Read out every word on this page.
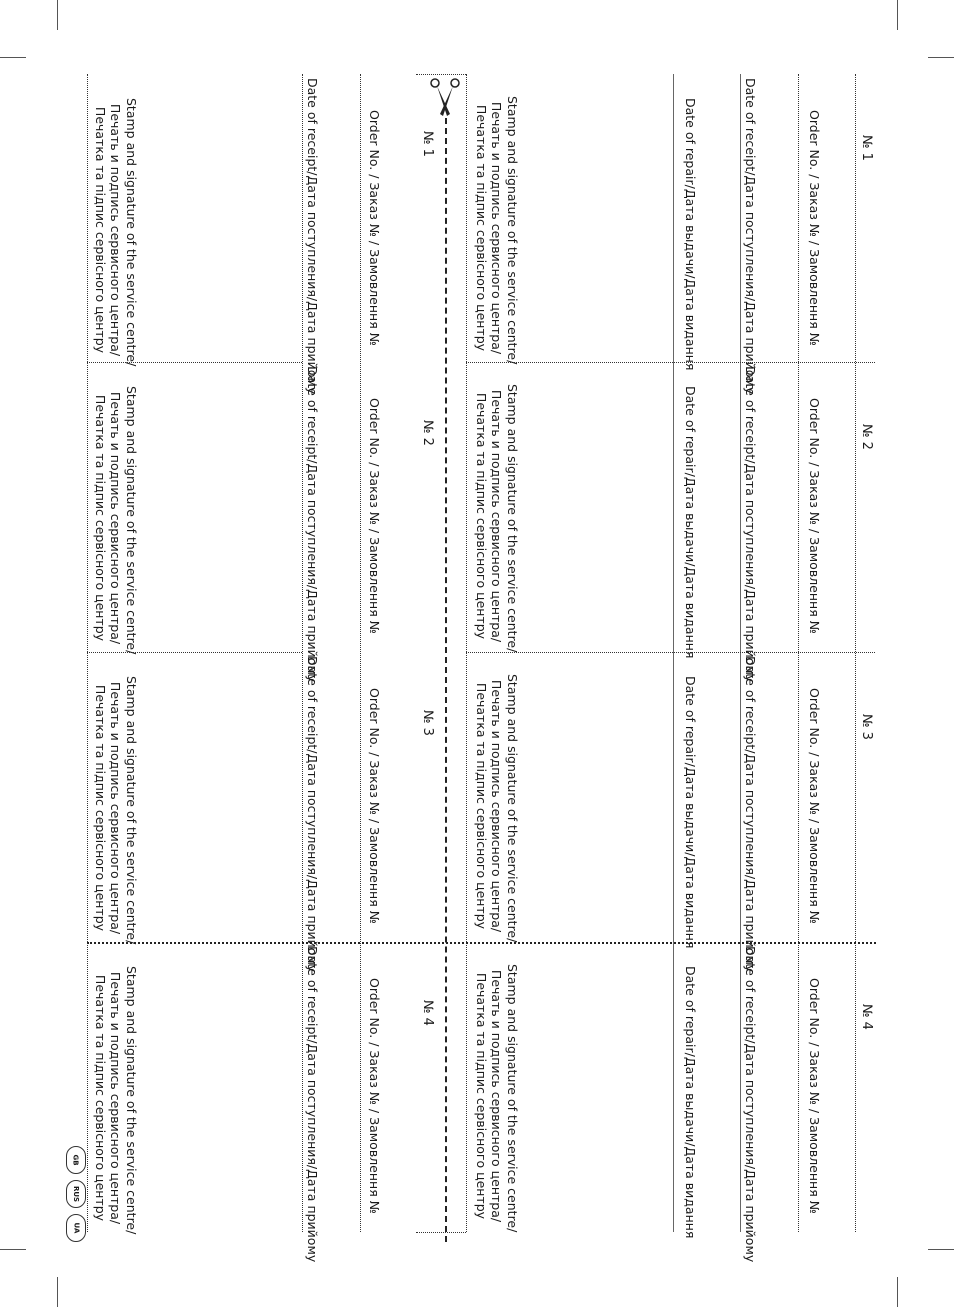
№ 1
Order No. / Заказ № / Замовлення №
Date of receipt/Дата поступления/Дата прийому
Date of repair/Дата выдачи/Дата видання
Stamp and signature of the service centre/
Печать и подпись сервисного центра/
Печатка та підпис сервісного центру
№ 1
Order No. / Заказ № / Замовлення №
Date of receipt/Дата поступления/Дата прийому
Stamp and signature of the service centre/
Печать и подпись сервисного центра/
Печатка та підпис сервісного центру
№ 2
Order No. / Заказ № / Замовлення №
Date of receipt/Дата поступления/Дата прийому
Date of repair/Дата выдачи/Дата видання
Stamp and signature of the service centre/
Печать и подпись сервисного центра/
Печатка та підпис сервісного центру
№ 2
Order No. / Заказ № / Замовлення №
Date of receipt/Дата поступления/Дата прийому
Stamp and signature of the service centre/
Печать и подпись сервисного центра/
Печатка та підпис сервісного центру
№ 3
Order No. / Заказ № / Замовлення №
Date of receipt/Дата поступления/Дата прийому
Date of repair/Дата выдачи/Дата видання
Stamp and signature of the service centre/
Печать и подпись сервисного центра/
Печатка та підпис сервісного центру
№ 3
Order No. / Заказ № / Замовлення №
Date of receipt/Дата поступления/Дата прийому
Stamp and signature of the service centre/
Печать и подпись сервисного центра/
Печатка та підпис сервісного центру
№ 4
Order No. / Заказ № / Замовлення №
Date of receipt/Дата поступления/Дата прийому
Date of repair/Дата выдачи/Дата видання
Stamp and signature of the service centre/
Печать и подпись сервисного центра/
Печатка та підпис сервісного центру
№ 4
Order No. / Заказ № / Замовлення №
Date of receipt/Дата поступления/Дата прийому
Stamp and signature of the service centre/
Печать и подпись сервисного центра/
Печатка та підпис сервісного центру
GB
RUS
UA
